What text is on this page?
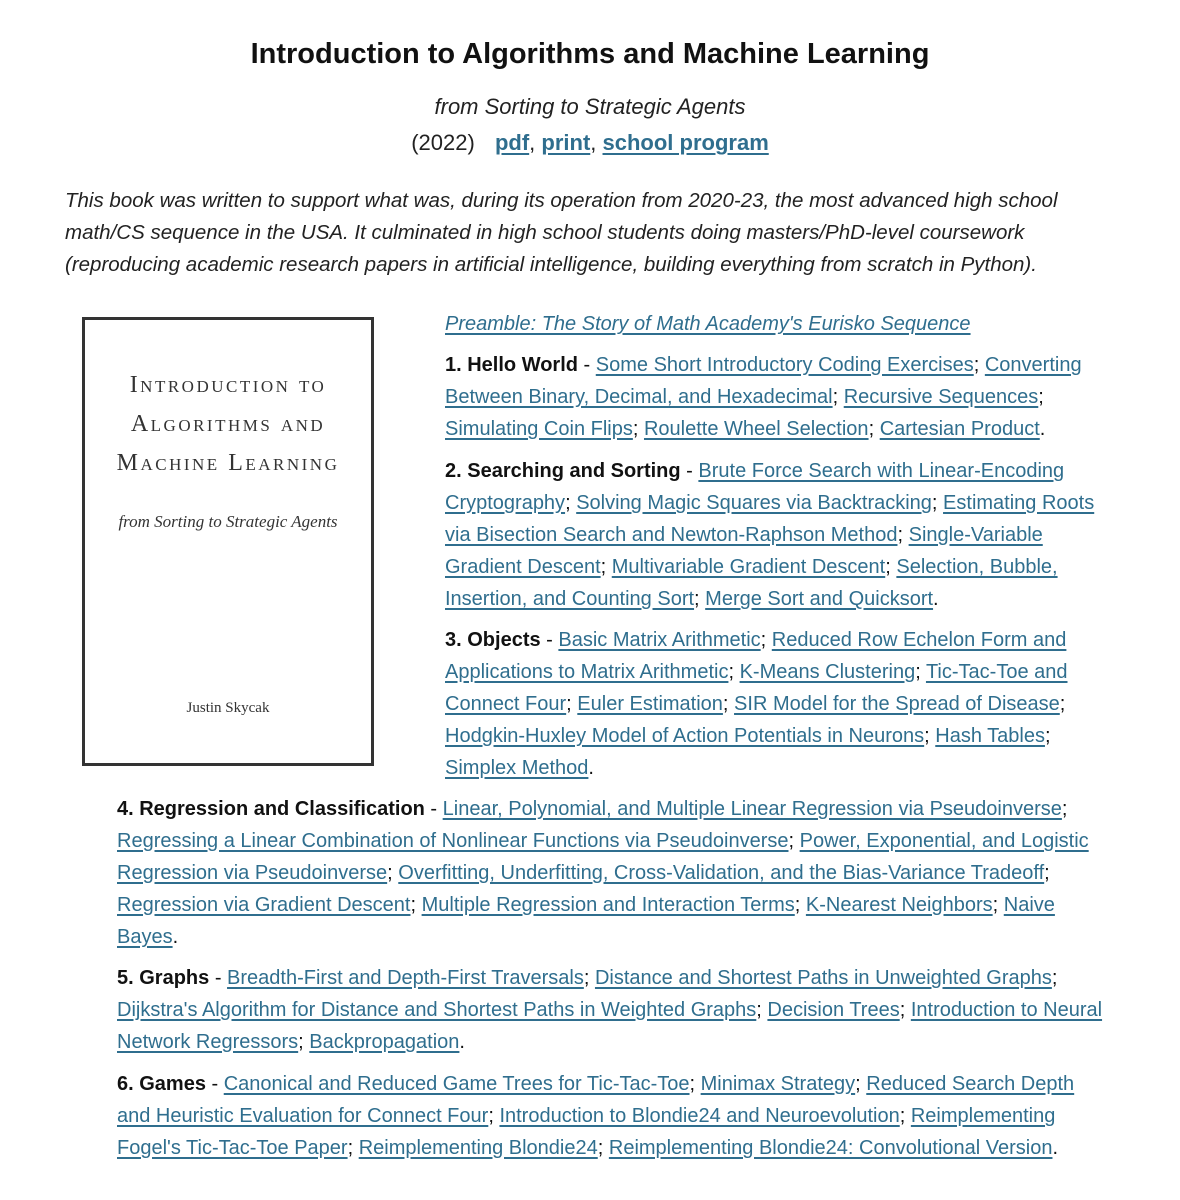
Introduction to Algorithms and Machine Learning
from Sorting to Strategic Agents
(2022) pdf, print, school program
This book was written to support what was, during its operation from 2020-23, the most advanced high school math/CS sequence in the USA. It culminated in high school students doing masters/PhD-level coursework (reproducing academic research papers in artificial intelligence, building everything from scratch in Python).
Introduction to
Algorithms and
Machine Learning
from Sorting to Strategic Agents
Justin Skycak
Preamble: The Story of Math Academy's Eurisko Sequence
1. Hello World - Some Short Introductory Coding Exercises; Converting Between Binary, Decimal, and Hexadecimal; Recursive Sequences; Simulating Coin Flips; Roulette Wheel Selection; Cartesian Product.
2. Searching and Sorting - Brute Force Search with Linear-Encoding Cryptography; Solving Magic Squares via Backtracking; Estimating Roots via Bisection Search and Newton-Raphson Method; Single-Variable Gradient Descent; Multivariable Gradient Descent; Selection, Bubble, Insertion, and Counting Sort; Merge Sort and Quicksort.
3. Objects - Basic Matrix Arithmetic; Reduced Row Echelon Form and Applications to Matrix Arithmetic; K-Means Clustering; Tic-Tac-Toe and Connect Four; Euler Estimation; SIR Model for the Spread of Disease; Hodgkin-Huxley Model of Action Potentials in Neurons; Hash Tables; Simplex Method.
4. Regression and Classification - Linear, Polynomial, and Multiple Linear Regression via Pseudoinverse; Regressing a Linear Combination of Nonlinear Functions via Pseudoinverse; Power, Exponential, and Logistic Regression via Pseudoinverse; Overfitting, Underfitting, Cross-Validation, and the Bias-Variance Tradeoff; Regression via Gradient Descent; Multiple Regression and Interaction Terms; K-Nearest Neighbors; Naive Bayes.
5. Graphs - Breadth-First and Depth-First Traversals; Distance and Shortest Paths in Unweighted Graphs; Dijkstra's Algorithm for Distance and Shortest Paths in Weighted Graphs; Decision Trees; Introduction to Neural Network Regressors; Backpropagation.
6. Games - Canonical and Reduced Game Trees for Tic-Tac-Toe; Minimax Strategy; Reduced Search Depth and Heuristic Evaluation for Connect Four; Introduction to Blondie24 and Neuroevolution; Reimplementing Fogel's Tic-Tac-Toe Paper; Reimplementing Blondie24; Reimplementing Blondie24: Convolutional Version.
